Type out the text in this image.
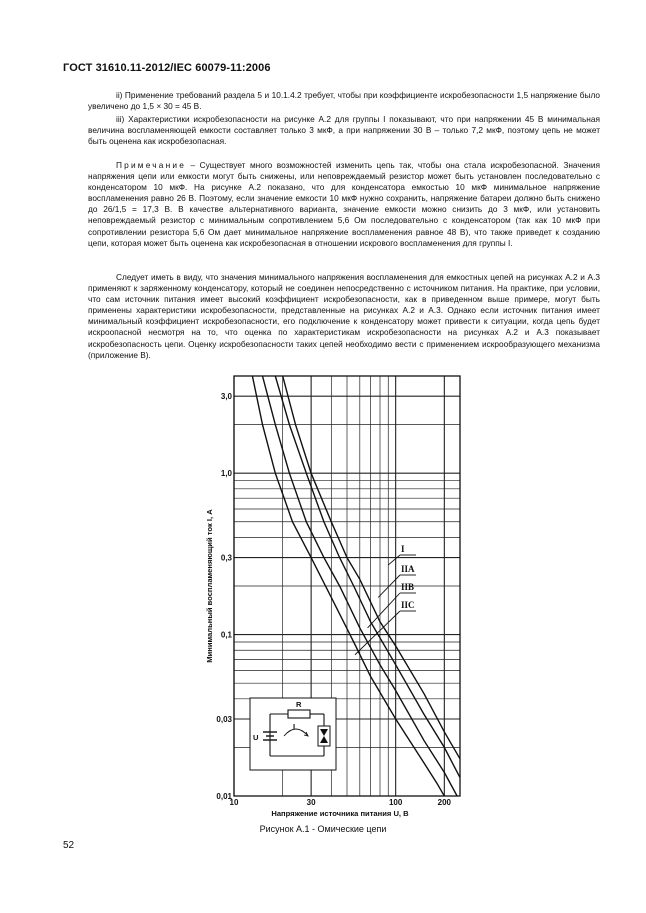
ГОСТ 31610.11-2012/IEC 60079-11:2006

ii) Применение требований раздела 5 и 10.1.4.2 требует, чтобы при коэффициенте искробезопасности 1,5 напряжение было увеличено до 1,5 × 30 = 45 В.

iii) Характеристики искробезопасности на рисунке А.2 для группы I показывают, что при напряжении 45 В минимальная величина воспламеняющей емкости составляет только 3 мкФ, а при напряжении 30 В – только 7,2 мкФ, поэтому цепь не может быть оценена как искробезопасная.

Примечание – Существует много возможностей изменить цепь так, чтобы она стала искробезопасной. Значения напряжения цепи или емкости могут быть снижены, или неповреждаемый резистор может быть установлен последовательно с конденсатором 10 мкФ. На рисунке А.2 показано, что для конденсатора емкостью 10 мкФ минимальное напряжение воспламенения равно 26 В. Поэтому, если значение емкости 10 мкФ нужно сохранить, напряжение батареи должно быть снижено до 26/1,5 = 17,3 В. В качестве альтернативного варианта, значение емкости можно снизить до 3 мкФ, или установить неповреждаемый резистор с минимальным сопротивлением 5,6 Ом последовательно с конденсатором (так как 10 мкФ при сопротивлении резистора 5,6 Ом дает минимальное напряжение воспламенения равное 48 В), что также приведет к созданию цепи, которая может быть оценена как искробезопасная в отношении искрового воспламенения для группы I.

Следует иметь в виду, что значения минимального напряжения воспламенения для емкостных цепей на рисунках А.2 и А.3 применяют к заряженному конденсатору, который не соединен непосредственно с источником питания. На практике, при условии, что сам источник питания имеет высокий коэффициент искробезопасности, как в приведенном выше примере, могут быть применены характеристики искробезопасности, представленные на рисунках А.2 и А.3. Однако если источник питания имеет минимальный коэффициент искробезопасности, его подключение к конденсатору может привести к ситуации, когда цепь будет искроопасной несмотря на то, что оценка по характеристикам искробезопасности на рисунках А.2 и А.3 показывает искробезопасность цепи. Оценку искробезопасности таких цепей необходимо вести с применением искрообразующего механизма (приложение В).

10	30	100	200
3,0
1,0
0,3
0,1
0,03
0,01
I
IIA
IIB
IIC
Минимальный воспламеняющий ток I, А
Напряжение источника питания U, В
R
U
I
Рисунок А.1 - Омические цепи
52
